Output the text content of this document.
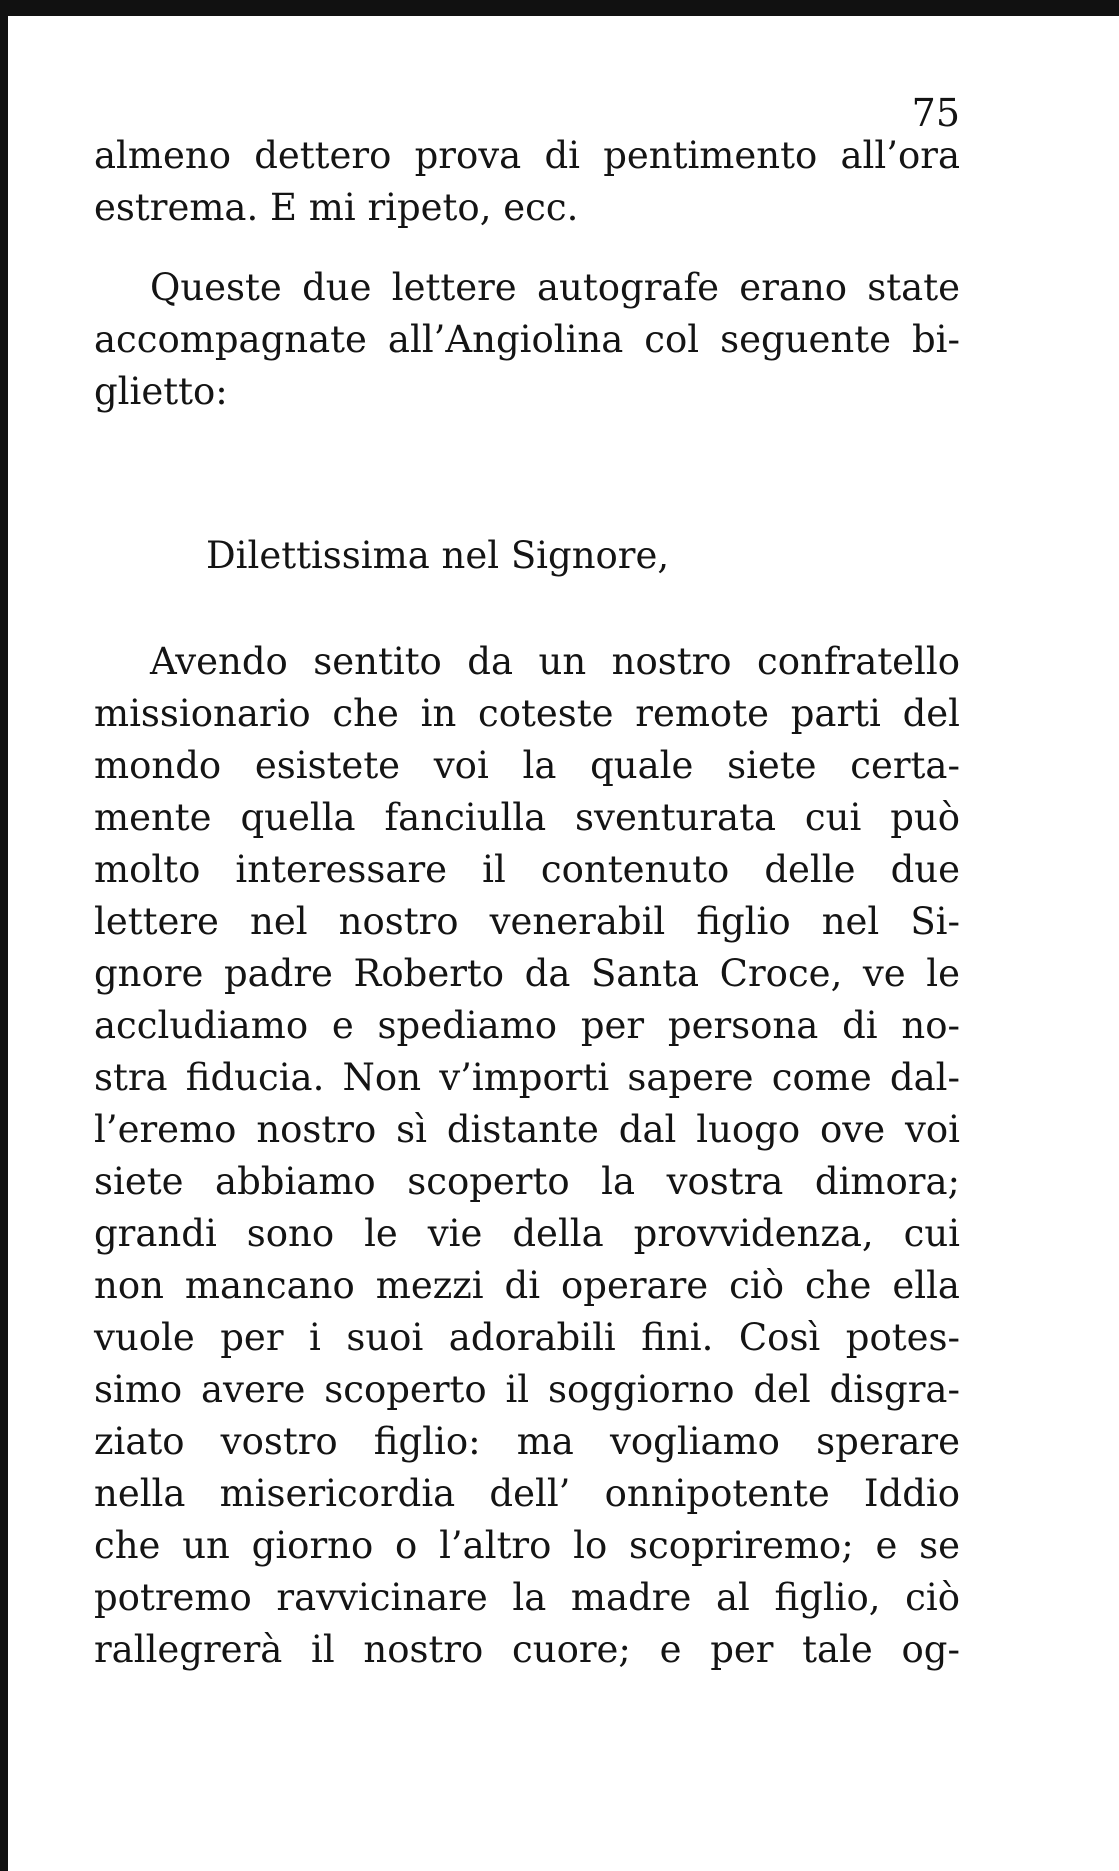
75
almeno dettero prova di pentimento all’ora
estrema. E mi ripeto, ecc.
Queste due lettere autografe erano state
accompagnate all’Angiolina col seguente bi-
glietto:
Dilettissima nel Signore,
Avendo sentito da un nostro confratello
missionario che in coteste remote parti del
mondo esistete voi la quale siete certa-
mente quella fanciulla sventurata cui può
molto interessare il contenuto delle due
lettere nel nostro venerabil figlio nel Si-
gnore padre Roberto da Santa Croce, ve le
accludiamo e spediamo per persona di no-
stra fiducia. Non v’importi sapere come dal-
l’eremo nostro sì distante dal luogo ove voi
siete abbiamo scoperto la vostra dimora;
grandi sono le vie della provvidenza, cui
non mancano mezzi di operare ciò che ella
vuole per i suoi adorabili fini. Così potes-
simo avere scoperto il soggiorno del disgra-
ziato vostro figlio: ma vogliamo sperare
nella misericordia dell’ onnipotente Iddio
che un giorno o l’altro lo scopriremo; e se
potremo ravvicinare la madre al figlio, ciò
rallegrerà il nostro cuore; e per tale og-
